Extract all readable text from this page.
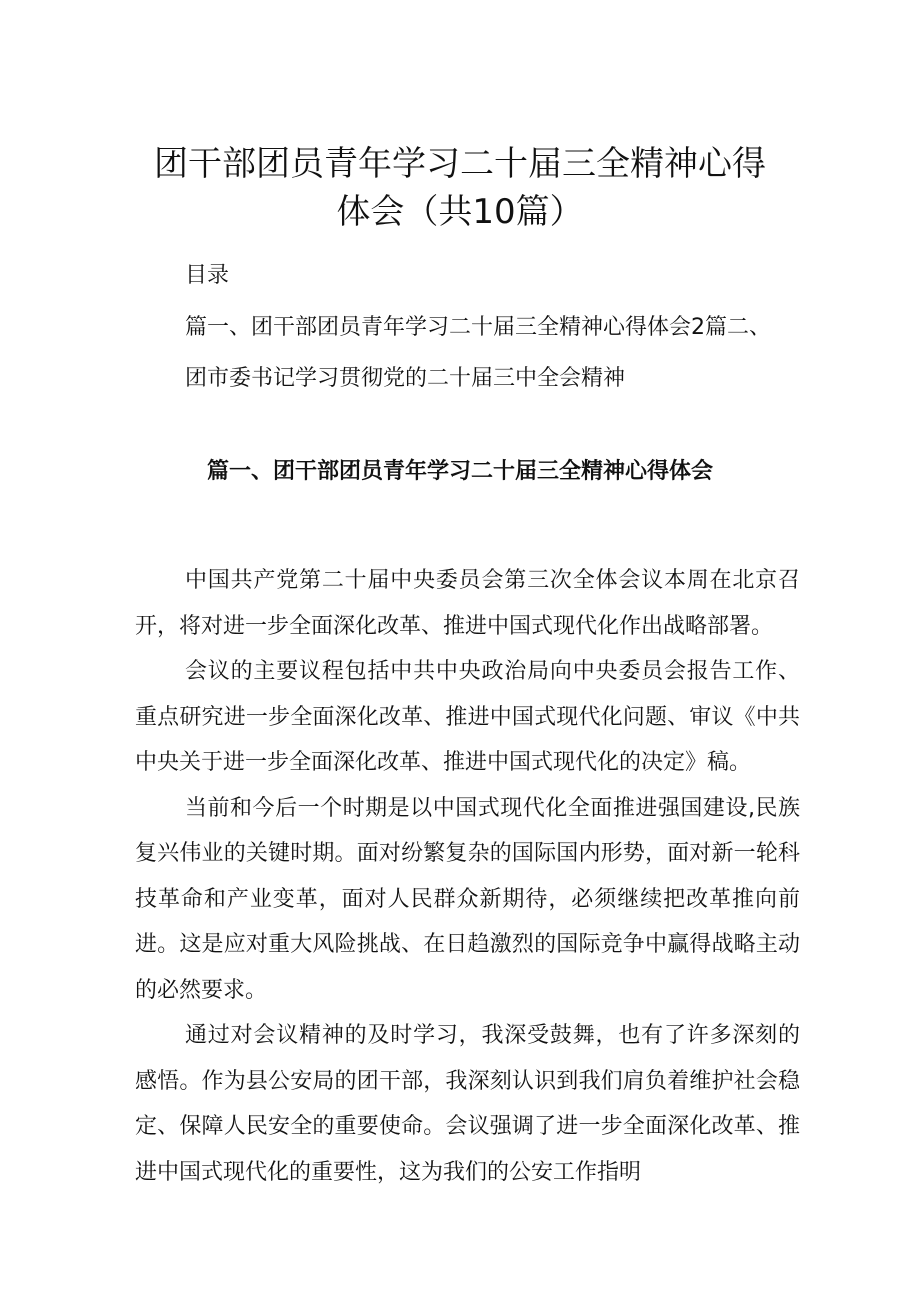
团干部团员青年学习二十届三全精神心得
体会（共10篇）
目录
篇一、团干部团员青年学习二十届三全精神心得体会2篇二、
团市委书记学习贯彻党的二十届三中全会精神
篇一、团干部团员青年学习二十届三全精神心得体会

中国共产党第二十届中央委员会第三次全体会议本周在北京召开，将对进一步全面深化改革、推进中国式现代化作出战略部署。

会议的主要议程包括中共中央政治局向中央委员会报告工作、重点研究进一步全面深化改革、推进中国式现代化问题、审议《中共中央关于进一步全面深化改革、推进中国式现代化的决定》稿。

当前和今后一个时期是以中国式现代化全面推进强国建设,民族复兴伟业的关键时期。面对纷繁复杂的国际国内形势，面对新一轮科技革命和产业变革，面对人民群众新期待，必须继续把改革推向前进。这是应对重大风险挑战、在日趋激烈的国际竞争中赢得战略主动的必然要求。

通过对会议精神的及时学习，我深受鼓舞，也有了许多深刻的感悟。作为县公安局的团干部，我深刻认识到我们肩负着维护社会稳定、保障人民安全的重要使命。会议强调了进一步全面深化改革、推进中国式现代化的重要性，这为我们的公安工作指明
